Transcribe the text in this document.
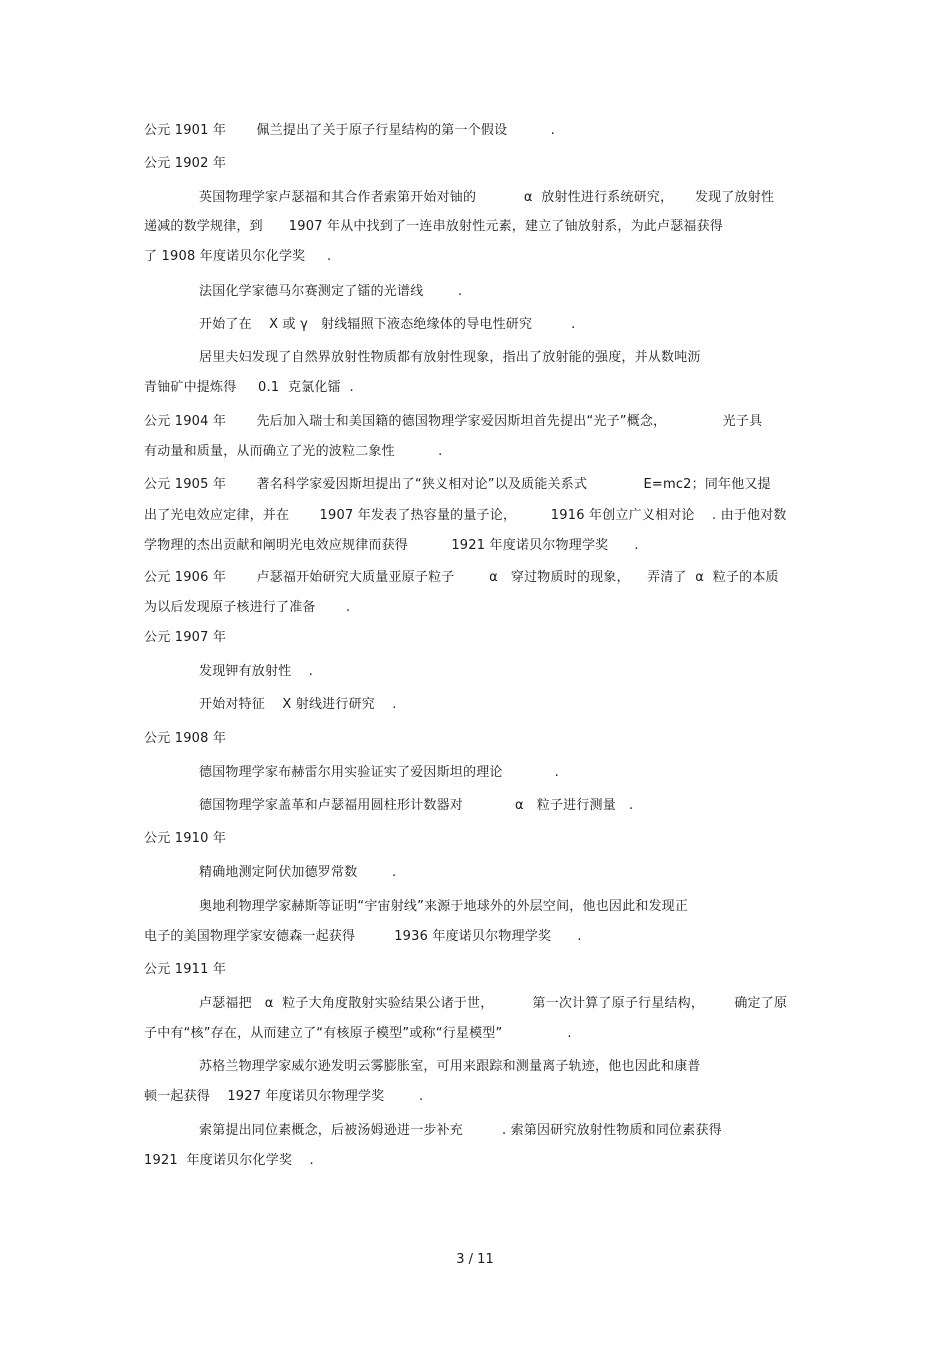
公元 1901 年       佩兰提出了关于原子行星结构的第一个假设          .
公元 1902 年
英国物理学家卢瑟福和其合作者索第开始对铀的           α  放射性进行系统研究，     发现了放射性
递减的数学规律，到      1907 年从中找到了一连串放射性元素，建立了铀放射系，为此卢瑟福获得
了 1908 年度诺贝尔化学奖     .
法国化学家德马尔赛测定了镭的光谱线        .
开始了在    X 或 γ   射线辐照下液态绝缘体的导电性研究         .
居里夫妇发现了自然界放射性物质都有放射性现象，指出了放射能的强度，并从数吨沥
青铀矿中提炼得     0.1  克氯化镭  .
公元 1904 年       先后加入瑞士和美国籍的德国物理学家爱因斯坦首先提出“光子”概念，             光子具
有动量和质量，从而确立了光的波粒二象性          .
公元 1905 年       著名科学家爱因斯坦提出了“狭义相对论”以及质能关系式             E=mc2；同年他又提
出了光电效应定律，并在       1907 年发表了热容量的量子论，        1916 年创立广义相对论    . 由于他对数
学物理的杰出贡献和阐明光电效应规律而获得          1921 年度诺贝尔物理学奖      .
公元 1906 年       卢瑟福开始研究大质量亚原子粒子        α   穿过物质时的现象，    弄清了  α  粒子的本质
为以后发现原子核进行了准备       .
公元 1907 年
发现钾有放射性    .
开始对特征    X 射线进行研究    .
公元 1908 年
德国物理学家布赫雷尔用实验证实了爱因斯坦的理论            .
德国物理学家盖革和卢瑟福用圆柱形计数器对            α   粒子进行测量   .
公元 1910 年
精确地测定阿伏加德罗常数        .
奥地利物理学家赫斯等证明“宇宙射线”来源于地球外的外层空间，他也因此和发现正
电子的美国物理学家安德森一起获得         1936 年度诺贝尔物理学奖      .
公元 1911 年
卢瑟福把   α  粒子大角度散射实验结果公诸于世，         第一次计算了原子行星结构，       确定了原
子中有“核”存在，从而建立了“有核原子模型”或称“行星模型”               .
苏格兰物理学家威尔逊发明云雾膨胀室，可用来跟踪和测量离子轨迹，他也因此和康普
顿一起获得    1927 年度诺贝尔物理学奖        .
索第提出同位素概念，后被汤姆逊进一步补充         . 索第因研究放射性物质和同位素获得
1921  年度诺贝尔化学奖    .
3 / 11
